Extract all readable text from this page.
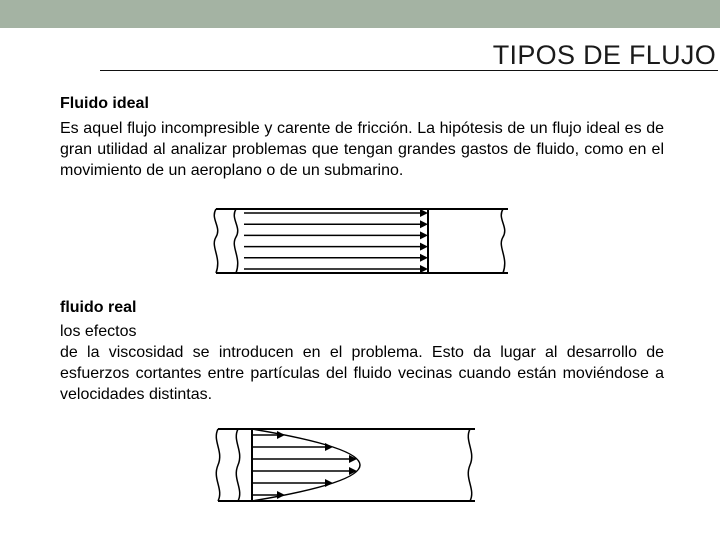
TIPOS DE FLUJO
Fluido ideal
Es aquel flujo incompresible y carente de fricción. La hipótesis de un flujo ideal es de gran utilidad al analizar problemas que tengan grandes gastos de fluido, como en el movimiento de un aeroplano o de un submarino.
fluido real
los efectos
de la viscosidad se introducen en el problema. Esto da lugar al desarrollo de esfuerzos cortantes entre partículas del fluido vecinas cuando están moviéndose a velocidades distintas.
